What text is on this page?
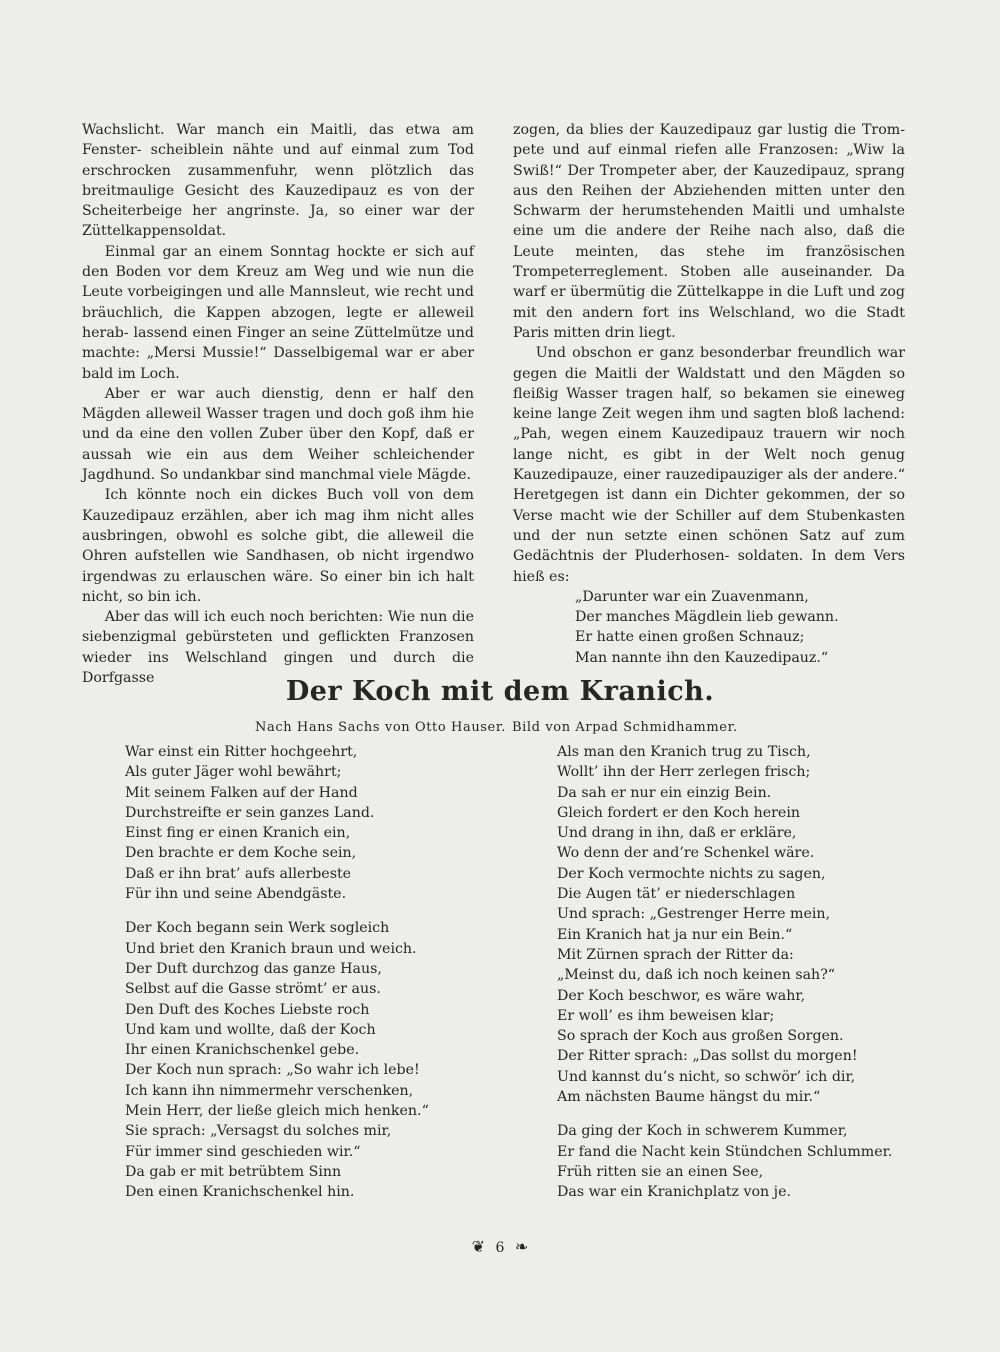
Wachslicht. War manch ein Maitli, das etwa am Fenster- scheiblein nähte und auf einmal zum Tod erschrocken zusammenfuhr, wenn plötzlich das breitmaulige Gesicht des Kauzedipauz es von der Scheiterbeige her angrinste. Ja, so einer war der Züttelkappensoldat.

Einmal gar an einem Sonntag hockte er sich auf den Boden vor dem Kreuz am Weg und wie nun die Leute vorbeigingen und alle Mannsleut, wie recht und bräuchlich, die Kappen abzogen, legte er alleweil herab- lassend einen Finger an seine Züttelmütze und machte: „Mersi Mussie!“ Dasselbigemal war er aber bald im Loch.

Aber er war auch dienstig, denn er half den Mägden alleweil Wasser tragen und doch goß ihm hie und da eine den vollen Zuber über den Kopf, daß er aussah wie ein aus dem Weiher schleichender Jagdhund. So undankbar sind manchmal viele Mägde.

Ich könnte noch ein dickes Buch voll von dem Kauzedipauz erzählen, aber ich mag ihm nicht alles ausbringen, obwohl es solche gibt, die alleweil die Ohren aufstellen wie Sandhasen, ob nicht irgendwo irgendwas zu erlauschen wäre. So einer bin ich halt nicht, so bin ich.

Aber das will ich euch noch berichten: Wie nun die siebenzigmal gebürsteten und geflickten Franzosen wieder ins Welschland gingen und durch die Dorfgasse

zogen, da blies der Kauzedipauz gar lustig die Trom- pete und auf einmal riefen alle Franzosen: „Wiw la Swiß!“ Der Trompeter aber, der Kauzedipauz, sprang aus den Reihen der Abziehenden mitten unter den Schwarm der herumstehenden Maitli und umhalste eine um die andere der Reihe nach also, daß die Leute meinten, das stehe im französischen Trompeterreglement. Stoben alle auseinander. Da warf er übermütig die Züttelkappe in die Luft und zog mit den andern fort ins Welschland, wo die Stadt Paris mitten drin liegt.

Und obschon er ganz besonderbar freundlich war gegen die Maitli der Waldstatt und den Mägden so fleißig Wasser tragen half, so bekamen sie eineweg keine lange Zeit wegen ihm und sagten bloß lachend: „Pah, wegen einem Kauzedipauz trauern wir noch lange nicht, es gibt in der Welt noch genug Kauzedipauze, einer rauzedipauziger als der andere.“ Heretgegen ist dann ein Dichter gekommen, der so Verse macht wie der Schiller auf dem Stubenkasten und der nun setzte einen schönen Satz auf zum Gedächtnis der Pluderhosen- soldaten. In dem Vers hieß es:

„Darunter war ein Zuavenmann,
Der manches Mägdlein lieb gewann.
Er hatte einen großen Schnauz;
Man nannte ihn den Kauzedipauz.“
Der Koch mit dem Kranich.
Nach Hans Sachs von Otto Hauser. Bild von Arpad Schmidhammer.
War einst ein Ritter hochgeehrt,
Als guter Jäger wohl bewährt;
Mit seinem Falken auf der Hand
Durchstreifte er sein ganzes Land.
Einst fing er einen Kranich ein,
Den brachte er dem Koche sein,
Daß er ihn brat’ aufs allerbeste
Für ihn und seine Abendgäste.
Der Koch begann sein Werk sogleich
Und briet den Kranich braun und weich.
Der Duft durchzog das ganze Haus,
Selbst auf die Gasse strömt’ er aus.
Den Duft des Koches Liebste roch
Und kam und wollte, daß der Koch
Ihr einen Kranichschenkel gebe.
Der Koch nun sprach: „So wahr ich lebe!
Ich kann ihn nimmermehr verschenken,
Mein Herr, der ließe gleich mich henken.“
Sie sprach: „Versagst du solches mir,
Für immer sind geschieden wir.“
Da gab er mit betrübtem Sinn
Den einen Kranichschenkel hin.
Als man den Kranich trug zu Tisch,
Wollt’ ihn der Herr zerlegen frisch;
Da sah er nur ein einzig Bein.
Gleich fordert er den Koch herein
Und drang in ihn, daß er erkläre,
Wo denn der and’re Schenkel wäre.
Der Koch vermochte nichts zu sagen,
Die Augen tät’ er niederschlagen
Und sprach: „Gestrenger Herre mein,
Ein Kranich hat ja nur ein Bein.“
Mit Zürnen sprach der Ritter da:
„Meinst du, daß ich noch keinen sah?“
Der Koch beschwor, es wäre wahr,
Er woll’ es ihm beweisen klar;
So sprach der Koch aus großen Sorgen.
Der Ritter sprach: „Das sollst du morgen!
Und kannst du’s nicht, so schwör’ ich dir,
Am nächsten Baume hängst du mir.“
Da ging der Koch in schwerem Kummer,
Er fand die Nacht kein Stündchen Schlummer.
Früh ritten sie an einen See,
Das war ein Kranichplatz von je.
❦ 6 ❧
